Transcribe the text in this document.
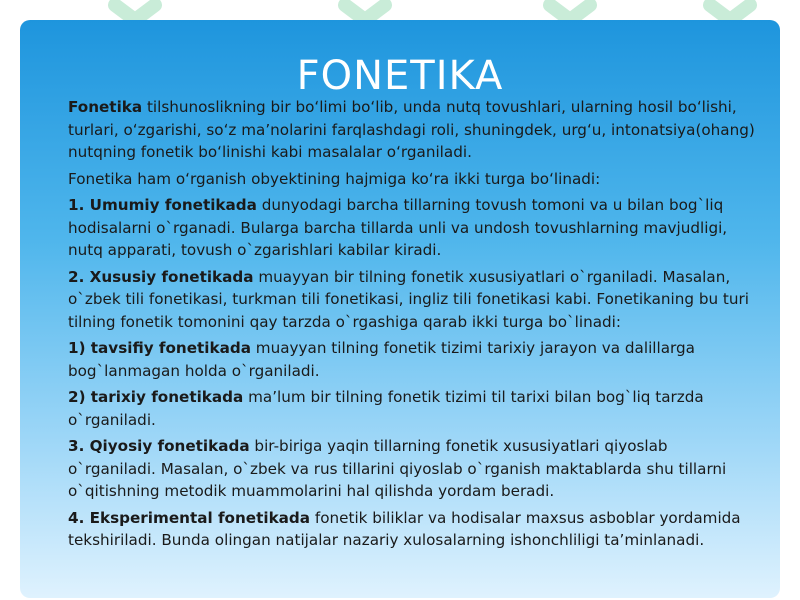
FONETIKA

Fonetika tilshunoslikning bir boʻlimi boʻlib, unda nutq tovushlari, ularning hosil boʻlishi, turlari, oʻzgarishi, soʻz maʼnolarini farqlashdagi roli, shuningdek, urgʻu, intonatsiya(ohang) nutqning fonetik boʻlinishi kabi masalalar oʻrganiladi.

Fonetika ham oʻrganish obyektining hajmiga koʻra ikki turga boʻlinadi:

1. Umumiy fonetikada dunyodagi barcha tillarning tovush tomoni va u bilan bog`liq hodisalarni o`rganadi. Bularga barcha tillarda unli va undosh tovushlarning mavjudligi, nutq apparati, tovush o`zgarishlari kabilar kiradi.

2. Xususiy fonetikada muayyan bir tilning fonetik xususiyatlari o`rganiladi. Masalan, o`zbek tili fonetikasi, turkman tili fonetikasi, ingliz tili fonetikasi kabi. Fonetikaning bu turi tilning fonetik tomonini qay tarzda o`rgashiga qarab ikki turga bo`linadi:

1) tavsifiy fonetikada muayyan tilning fonetik tizimi tarixiy jarayon va dalillarga bog`lanmagan holda o`rganiladi.

2) tarixiy fonetikada ma’lum bir tilning fonetik tizimi til tarixi bilan bog`liq tarzda o`rganiladi.

3. Qiyosiy fonetikada bir-biriga yaqin tillarning fonetik xususiyatlari qiyoslab o`rganiladi. Masalan, o`zbek va rus tillarini qiyoslab o`rganish maktablarda shu tillarni o`qitishning metodik muammolarini hal qilishda yordam beradi.

4. Eksperimental fonetikada fonetik biliklar va hodisalar maxsus asboblar yordamida tekshiriladi. Bunda olingan natijalar nazariy xulosalarning ishonchliligi ta’minlanadi.
